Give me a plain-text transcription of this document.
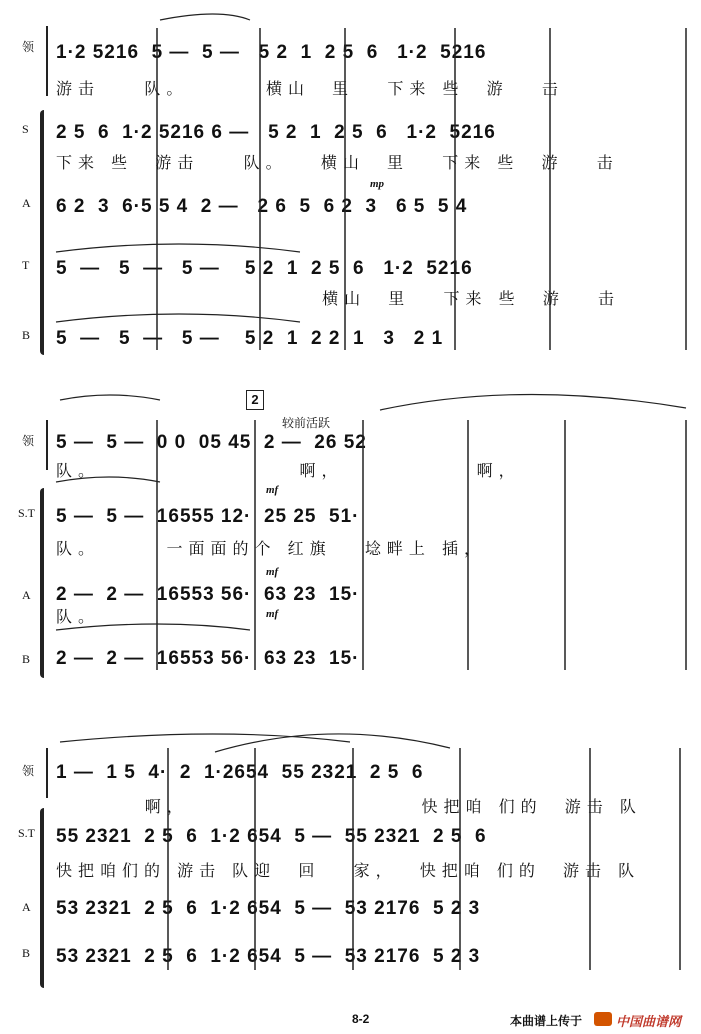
领
S
A
T
B
1·2 5216  5 —  5 —   5 2  1  2 5  6   1·2  5216
游击    队。       横山  里   下来 些  游   击
2 5  6  1·2 5216 6 —   5 2  1  2 5  6   1·2  5216
下来 些  游击    队。   横山  里   下来 些  游   击
mp
6 2  3  6·5 5 4  2 —   2 6  5  6 2  3   6 5  5 4
5  —   5  —   5 —    5 2  1  2 5  6   1·2  5216
横山  里   下来 些  游   击
5  —   5  —   5 —    5 2  1  2 2  1   3   2 1
2
较前活跃
领
S.T
A
B
5 —  5 —  0 0  05 45  2 —  26 52
队。                  啊，            啊，
mf
5 —  5 —  16555 12·  25 25  51·
队。      一面面的个 红旗   埝畔上 插，
mf
2 —  2 —  16553 56·  63 23  15·
队。	mf
2 —  2 —  16553 56·  63 23  15·
领
S.T
A
B
1 —  1 5  4·  2  1·2654  55 2321  2 5  6
啊，                     快把咱 们的  游击 队
55 2321  2 5  6  1·2 654  5 —  55 2321  2 5  6
快把咱们的 游击 队迎  回   家，  快把咱 们的  游击 队
53 2321  2 5  6  1·2 654  5 —  53 2176  5 2 3
53 2321  2 5  6  1·2 654  5 —  53 2176  5 2 3
8-2	本曲谱上传于	中国曲谱网
